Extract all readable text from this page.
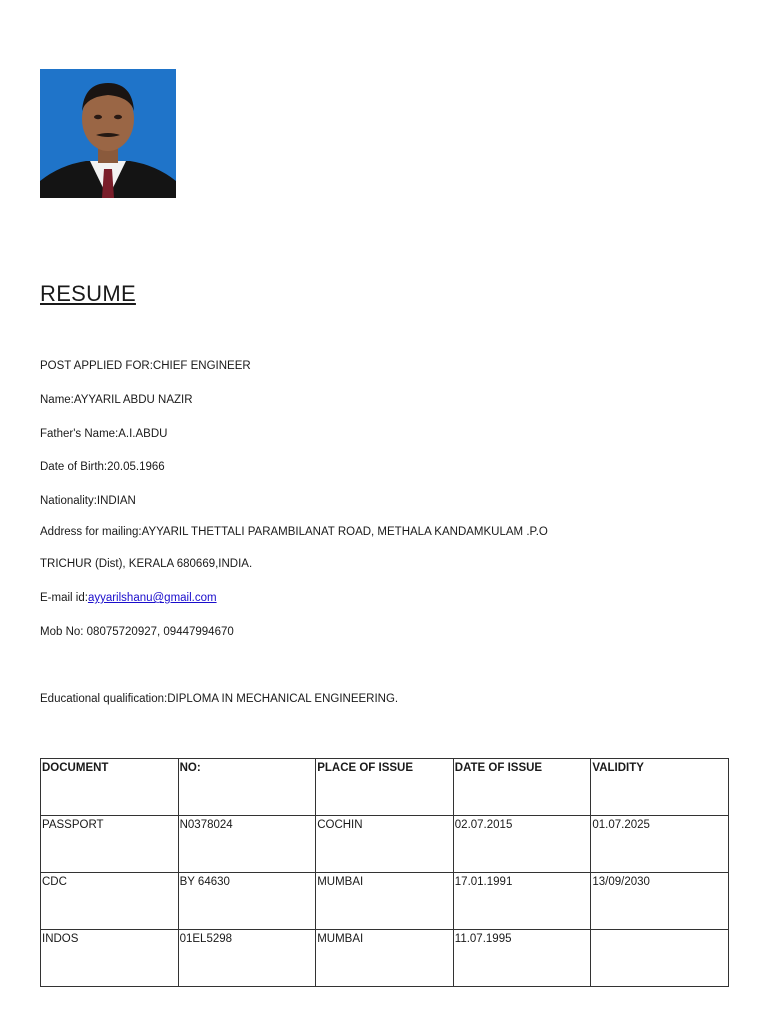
RESUME
POST APPLIED FOR:CHIEF ENGINEER
Name:AYYARIL ABDU NAZIR
Father's Name:A.I.ABDU
Date of Birth:20.05.1966
Nationality:INDIAN
Address for mailing:AYYARIL THETTALI PARAMBILANAT ROAD, METHALA KANDAMKULAM .P.O
TRICHUR (Dist), KERALA 680669,INDIA.
E-mail id:ayyarilshanu@gmail.com
Mob No: 08075720927, 09447994670
Educational qualification:DIPLOMA IN MECHANICAL ENGINEERING.
DOCUMENT	NO:	PLACE OF ISSUE	DATE OF ISSUE	VALIDITY
PASSPORT	N0378024	COCHIN	02.07.2015	01.07.2025
CDC	BY 64630	MUMBAI	17.01.1991	13/09/2030
INDOS	01EL5298	MUMBAI	11.07.1995	
